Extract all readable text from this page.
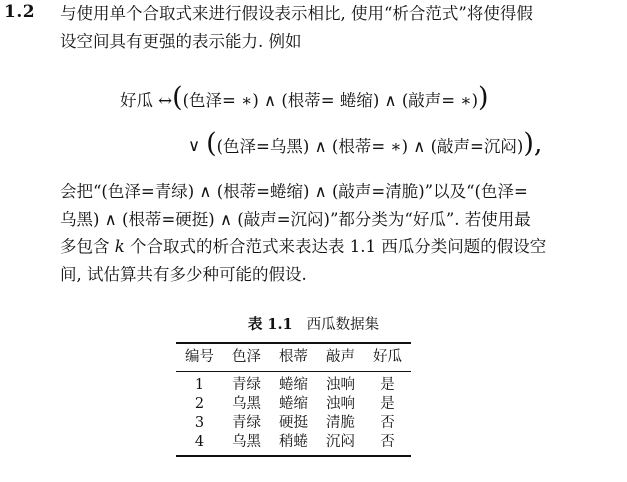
1.2 与使用单个合取式来进行假设表示相比, 使用“析合范式”将使得假
设空间具有更强的表示能力. 例如
好瓜 ↔ ( (色泽= ∗) ∧ (根蒂= 蜷缩) ∧ (敲声= ∗) )
∨ ( (色泽=乌黑) ∧ (根蒂= ∗) ∧ (敲声=沉闷) ),
会把“(色泽=青绿) ∧ (根蒂=蜷缩) ∧ (敲声=清脆)”以及“(色泽=
乌黑) ∧ (根蒂=硬挺) ∧ (敲声=沉闷)”都分类为“好瓜”. 若使用最
多包含 k 个合取式的析合范式来表达表 1.1 西瓜分类问题的假设空
间, 试估算共有多少种可能的假设.
表 1.1 西瓜数据集
编号	色泽	根蒂	敲声	好瓜
1	青绿	蜷缩	浊响	是
2	乌黑	蜷缩	浊响	是
3	青绿	硬挺	清脆	否
4	乌黑	稍蜷	沉闷	否
